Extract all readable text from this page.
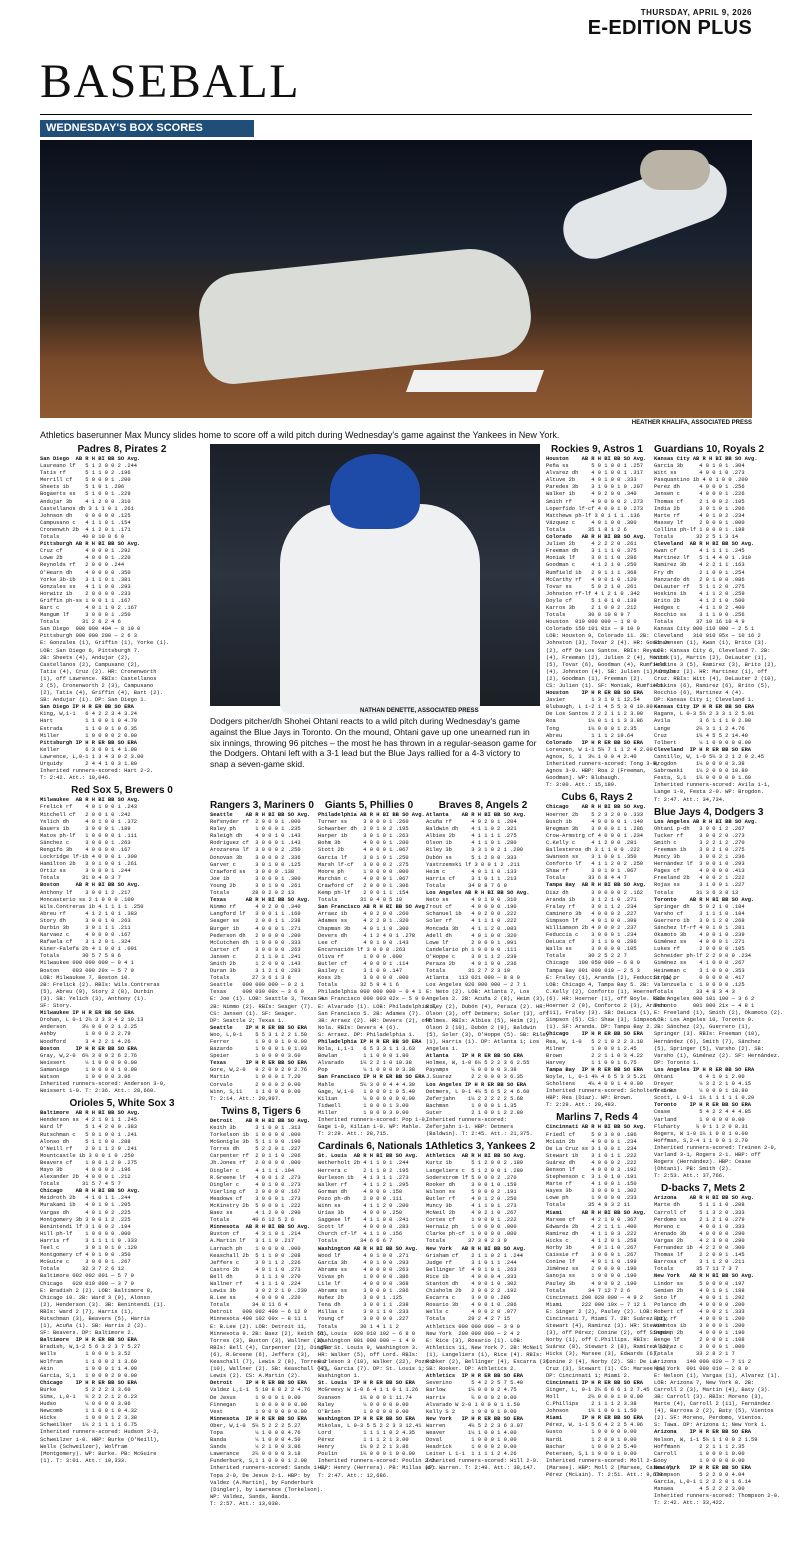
THURSDAY, APRIL 9, 2026
E-EDITION PLUS
BASEBALL
WEDNESDAY'S BOX SCORES
HEATHER KHALIFA, ASSOCIATED PRESS
Athletics baserunner Max Muncy slides home to score off a wild pitch during Wednesday's game against the Yankees in New York.
NATHAN DENETTE, ASSOCIATED PRESS
Dodgers pitcher/dh Shohei Ohtani reacts to a wild pitch during Wednesday's game against the Blue Jays in Toronto. On the mound, Ohtani gave up one unearned run in six innings, throwing 96 pitches – the most he has thrown in a regular-season game for the Dodgers. Ohtani left with a 3-1 lead but the Blue Jays rallied for a 4-3 victory to snap a seven-game skid.
Padres 8, Pirates 2
San Diego  AB R H BI BB SO Avg.
Laureano lf   5 1 2 0 0 2 .244
Tatis rf      5 1 1 0 2 .196
Merrill cf    5 0 0 0 1 .200
Sheets 1b     5 1 0 1 .206
Bogaerts ss   5 1 0 0 1 .229
Andujar 3b    4 1 2 0 0 .310
Castellanos dh 3 1 1 0 1 .261
Johnson dh    0 0 0 0 0 .125
Campusano c   4 1 1 0 1 .154
Cronenwth 2b  4 1 2 0 1 .171
Totals       40 8 10 8 6 9
Pittsburgh AB R H BI BB SO Avg.
Cruz cf       4 0 0 0 1 .292
Lowe 2b       4 0 0 0 1 .220
Reynolds rf   2 0 0 0 .244
O'Hearn dh    4 0 0 0 0 .350
Yorke 3b-1b   3 1 1 0 1 .381
Gonzales ss   4 1 1 0 0 .293
Horwitz 1b    2 0 0 0 0 .233
Griffin ph-ss 1 0 0 1 1 .167
Bart c        4 0 1 1 0 2 .167
Mangum lf     3 0 0 0 1 .250
Totals       31 2 6 2 4 6
San Diego  000 000 404 — 8 10 0
Pittsburgh 000 000 200 — 2 6 3
E: Gonzales (1), Griffin (1), Yorke (1).
LOB: San Diego 6, Pittsburgh 7.
2B: Sheets (4), Andujar (2),
Castellanos (2), Campusano (2),
Tatis (4), Cruz (2). HR: Cronenworth
(1), off Lawrence. RBIs: Castellanos
2 (5), Cronenworth 2 (3), Campusano
(2), Tatis (4), Griffin (4), Bart (2).
SB: Andujar (1). DP: San Diego 1.
San Diego IP H R ER BB SO ERA
King, W,1-1   6 4 2 2 3 4 3.24
Hart          1 1 0 0 1 0 4.70
Estrada       1 1 0 0 1 0 6.35
Miller        1 0 0 0 0 2 0.00
Pittsburgh IP H R ER BB SO ERA
Keller        6 3 0 0 1 4 1.00
Lawrence, L,0-1 1 3 4 3 0 2 3.00
Urquidy       2 4 4 1 0 3 1.80
Inherited runners-scored: Hart 2-2.
T: 2:42. Att.: 10,046.
Red Sox 5, Brewers 0
Milwaukee  AB R H BI BB SO Avg.
Frelick rf    4 0 1 0 0 1 .243
Mitchell cf   2 0 0 1 0 .242
Yelich dh     4 0 1 0 0 1 .372
Bauers 1b     3 0 0 0 1 .189
Matos ph-lf   1 0 0 0 0 1 .111
Sánchez c     3 0 0 0 1 .263
Rengifo 3b    4 0 0 0 0 .167
Lockridge lf-1b 4 0 0 0 1 .300
Hamilton 2b   3 0 1 0 0 1 .261
Ortiz ss      3 0 0 0 1 .244
Totals       31 0 4 0 3 7
Boston     AB R H BI BB SO Avg.
Anthony lf    3 0 0 1 2 .217
Moncasterio ss 2 1 0 0 0 .100
Wils.Contreras 1b 4 1 1 1 1 .250
Abreu rf      4 1 2 1 0 1 .383
Story dh      3 0 0 1 0 .263
Durbin 3b     3 0 1 1 1 .211
Narvaez c     4 0 0 0 0 .167
Rafaela cf    3 1 2 0 1 .324
Kiner-Falefa 2b 4 1 0 0 1 .091
Totals       30 5 7 5 8 6
Milwaukee 000 000 000 — 0 4 1
Boston    003 000 20x — 5 7 0
LOB: Milwaukee 7, Boston 10.
2B: Frelick (2). RBIs: Wils.Contreras
(5), Abreu (9), Story 2 (8), Durbin
(3). SB: Yelich (3), Anthony (1).
SF: Story.
Milwaukee IP H R ER BB SO ERA
Drohan, L 0-1 2⅔ 3 3 3 4 2 10.13
Anderson     3⅓ 0 0 0 2 1 2.25
Ashby         1 0 0 0 2 2.79
Woodford      3 4 2 2 1 4.26
Boston     IP H R ER BB SO ERA
Gray, W,2-0  6⅔ 3 0 0 2 6 2.76
Weissert      ⅓ 1 0 0 0 0 0.00
Samaniego     1 0 0 0 0 1 0.00
Watson        1 0 0 0 0 3.86
Inherited runners-scored: Anderson 3-0,
Weissert 1-0. T: 2:36. Att.: 28,660.
Orioles 5, White Sox 3
Baltimore  AB R H BI BB SO Avg.
Henderson ss  4 2 1 0 1 1 .245
Ward lf       5 1 4 2 0 0 .383
Rutschman c   5 0 1 0 0 1 .241
Alonso dh     5 1 1 0 0 .288
O'Neill rf    2 0 1 1 2 0 .241
Mountcastle 1b 3 0 0 1 0 .250
Beavers cf    1 0 0 1 2 0 .275
Mayo 3b       4 0 0 0 2 .196
Alexander 2b  4 0 0 0 1 .212
Totals       31 5 7 4 5 7
Chicago    AB R H BI BB SO Avg.
Meidroth 2b   4 1 0 1 1 .244
Murakami 1b   4 0 1 0 1 .205
Vargas dh     4 0 1 0 2 .225
Montgomery 3b 3 0 0 1 2 .225
Benintendi lf 3 1 0 0 2 .194
Hill ph-lf    1 0 0 0 0 .000
Harris rf     3 1 1 1 1 0 .333
Teel c        3 0 1 0 1 0 .120
Montgomery cf 4 0 1 0 0 .350
McGuire c     3 0 0 0 1 .267
Totals       32 3 7 2 6 12
Baltimore 002 002 001 — 5 7 0
Chicago   020 010 000 — 3 7 0
E: Bradish 2 (2). LOB: Baltimore 8,
Chicago 10. 2B: Ward 3 (9), Alonso
(2), Henderson (3). 3B: Benintendi (1).
RBIs: Ward 2 (7), Harris (1),
Rutschman (3), Beavers (5), Harris
(1), Acuña (1). SB: Harris 2 (2).
SF: Beavers. DP: Baltimore 2.
Baltimore  IP H R ER BB SO ERA
Bradish, W,1-2 5 6 3 2 3 7 5.27
Wells         1 0 0 0 1 3.52
Wolfram       1 1 0 0 2 1 3.60
Akin          1 0 0 0 1 1 4.90
Garcia, S,1   1 0 0 0 2 0 0.00
Chicago    IP H R ER BB SO ERA
Burke         5 2 2 2 3 3.60
Sims, L,0-1   ⅔ 2 2 2 1 2 6.23
Hudso         ⅓ 0 0 0 0 3.86
Newcomb       1 1 0 0 1 0 4.32
Hicks         1 0 0 0 1 2 3.38
Schweilker   1⅓ 2 1 1 1 1 6.75
Inherited runners-scored: Hudson 3-2,
Schweilzer 1-0. HBP: Burke (O'Neill),
Wells (Schweilzer), Wolfram
(Montgomery). WP: Burke. PB: McGuire
(1). T: 3:01. Att.: 10,333.
Rangers 3, Mariners 0
Seattle    AB R H BI BB SO Avg.
Refsnyder rf  2 0 0 0 1 .000
Raley ph      1 0 0 0 1 .235
Raleigh dh    4 0 0 1 0 .143
Rodriguez cf  3 0 0 0 1 .143
Arozarena lf  3 0 0 0 2 .250
Donovan 3b    3 0 0 0 2 .336
Garver c      3 0 1 0 0 .125
Crawford ss   3 0 0 0 .138
Joe 1b        3 0 0 0 1 .300
Young 2b      3 0 1 0 0 .261
Totals       28 0 2 0 2 13
Texas      AB R H BI BB SO Avg.
Nimmo rf      4 0 2 0 0 .340
Langford lf   3 0 0 1 1 .160
Seager ss     2 0 0 1 1 .238
Burger 1b     4 0 0 0 1 .271
Pederson dh   2 0 0 0 0 .200
McCutchen dh  1 0 0 0 0 .333
Carter cf     3 0 0 0 0 .263
Jansen c      2 1 1 0 1 .241
Smith 2b      1 2 0 0 0 .143
Duran 3b      3 1 2 1 0 .283
Totals       27 3 6 1 3 8
Seattle   000 000 000 — 0 2 1
Texas     000 030 00x — 3 6 0
E: Joe (1). LOB: Seattle 3, Texas 4.
2B: Nimmo (2). RBIs: Seager (7).
CS: Jansen (1). SF: Seager.
DP: Seattle 2; Texas 1.
Seattle    IP H R ER BB SO ERA
Woo, L,0-1    5 5 3 1 2 2 1.50
Ferrer        1 0 0 0 1 0 0.00
Bazardo       1 0 0 0 1 0 1.93
Speier        1 0 0 0 0 3.60
Texas      IP H R ER BB SO ERA
Gore, W,2-0   9 2 0 0 2 9 2.76
Martin        1 0 0 0 1 7.20
Corvalo       2 0 0 0 2 0.00
Winn, S,11    1 1 0 0 0 0.00
T: 2:14. Att.: 20,997.
Twins 8, Tigers 6
Detroit    AB R H BI BB SO Avg.
Keith 3b      3 1 0 0 1 .313
Torkelson 1b  1 0 0 0 0 .000
McGonigle 3b  5 1 1 0 0 .190
Torres dh     5 2 2 0 1 .227
Carpenter rf  2 0 1 1 0 .206
Jh.Jones rf   2 0 0 0 0 .000
Dingler c     4 1 1 1 .194
R.Greene lf   4 0 0 1 2 .273
Dingler c     4 0 1 0 0 .273
Vierling cf   2 0 0 0 0 .167
Meadows cf    3 0 0 0 1 .273
McKinstry 2b  5 0 0 0 1 .222
Baez ss       4 1 2 0 0 .290
Totals       40 6 12 5 2 6
Minnesota  AB R H BI BB SO Avg.
Buxton cf     4 3 1 0 1 .214
A.Martin lf   3 1 1 0 .217
Larnach ph    1 0 0 0 0 .000
Keaschall 2b  5 1 1 0 0 .208
Jeffers c     3 0 1 1 2 .226
Castro 2b     4 0 1 1 0 .273
Bell dh       3 1 1 1 0 .270
Wallner rf    4 1 1 1 0 .224
Lewis 3b      3 0 2 2 1 0 .239
B.Lee ss      4 0 0 0 0 .220
Totals       34 8 11 6 4
Detroit   000 002 400 — 6 12 0
Minnesota 400 102 00x — 8 11 1
E: B.Lee (2). LOB: Detroit 11,
Minnesota 9. 2B: Baez (2), Keith (6),
Torres (3), Buxton (3), Wallner (2).
RBIs: Bell (4), Carpenter (2), Dingler
(6), R.Greene (6), Jeffers (3),
Keaschall (7), Lewis 2 (8), Torres 2
(10), Wallner (2). SB: Keaschall (4),
Lewis (2). CS: A.Martin (2).
Detroit    IP H R ER BB SO ERA
Valdez L,1-1  5 10 8 8 2 2 4.76
De Jesus      1 0 0 0 1 0.00
Finnegan      1 0 0 0 0 0 0.00
Vest          1 0 0 0 0 0 0.00
Minnesota  IP H R ER BB SO ERA
Ober, W,1-0  5⅔ 5 2 2 2 5.27
Topa          ⅓ 1 0 0 0 4.76
Banda         ⅓ 1 0 0 0 4.50
Sands         ⅓ 2 1 0 0 3.86
Lawerance    2⅔ 0 0 0 0 3.18
Funderburk, S,1 1 0 0 0 1 2.08
Inherited runners-scored: Sands 1-1,
Topa 2-0, De Jesus 2-1. HBP: by
Valdez (A.Martin), by Funderburk
(Dingler), by Lawrence (Torkelson).
WP: Valdez, Sands, Banda.
T: 2:57. Att.: 13,038.
Giants 5, Phillies 0
Philadelphia AB R H BI BB SO Avg.
Turner ss     3 0 0 0 1 .260
Schwarber dh  2 0 1 0 2 .195
Harper 1b     3 0 1 0 1 .263
Bohm 3b       4 0 0 0 1 .200
Stott 2b      4 0 0 0 1 .067
Garcia lf     3 0 1 0 1 .250
Marsh lf-cf   3 0 0 0 2 .275
Moore ph      1 0 0 0 0 .000
Marchán c     4 0 0 0 1 .067
Crawford cf   2 0 0 0 1 .306
Kemp ph-lf    2 0 0 1 1 .154
Totals       31 0 4 0 5 10
San Francisco AB R H BI BB SO Avg.
Arraez 1b     4 0 2 0 0 .260
Adames ss     4 2 2 0 1 .320
Chapman 3b    4 0 1 1 0 .300
Devers dh     4 1 2 4 0 1 .278
Lee cf        4 0 1 0 0 .143
Encarnación lf 3 0 0 0 .263
Oliva rf      1 0 0 0 .000
Butler cf     4 0 0 0 1 .114
Bailey c      3 1 0 0 .147
Koss 2b       3 0 0 0 0 .000
Totals       32 5 9 4 1 6
Philadelphia 000 000 000 — 0 4 1
San Francisco 000 003 02x — 5 9 0
E: Alvarado (1). LOB: Philadelphia 9,
San Francisco 5. 2B: Adames (7).
3B: Arraez (2). HR: Devers (2), off
Nola. RBIs: Devers 4 (6).
S: Arraez. DP: Philadelphia 1.
Philadelphia IP H R ER BB SO ERA
Nola, L,1-1   6 5 3 3 1 1 3.63
Bowlan        1 1 0 0 0 1.80
Alvarado     1⅔ 2 2 1 0 10.38
Pop           ⅓ 1 0 0 0 0 3.38
San Francisco IP H R ER BB SO ERA
Mahle        5⅔ 3 0 0 4 4 4.30
Gage, W,1-0   1 0 0 0 1 0 5.40
Kilian        ⅓ 0 0 0 0 0 0.00
Tidwell       1 0 0 0 1 3.00
Miller        1 0 0 0 3 0.00
Inherited runners-scored: Pop 1-0,
Gage 1-0, Kilian 1-0. WP: Mahle.
T: 2:29. Att.: 28,715.
Cardinals 6, Nationals 1
St. Louis  AB R H BI BB SO Avg.
Wetherholt 2b 4 1 1 0 1 .244
Herrera c     2 1 1 0 2 .195
Burleson 1b   4 1 3 1 1 .273
Walker rf     4 1 1 2 1 .295
Gorman dh     4 0 0 0 .150
Pozo ph-dh    2 0 0 0 .111
Winn ss       4 1 1 2 0 .200
Urías 3b      4 0 0 0 .250
Saggese lf    4 1 1 0 0 .241
Scott lf      4 0 0 0 0 .283
Church cf-lf  4 1 1 0 .156
Totals       34 6 6 6 7
Washington AB R H BI BB SO Avg.
Wood lf       4 0 1 0 0 .271
García 3b     4 0 1 0 0 .293
Abrams ss     4 0 0 0 0 .263
Vivas ph      1 0 0 0 0 .386
Lile lf       4 0 0 0 0 .368
Abrams ss     3 0 0 0 1 .286
Nuñez 2b      3 0 0 1 .125
Tena dh       3 0 0 1 1 .238
Millas c      3 0 1 1 0 .233
Young cf      3 0 0 0 0 .227
Totals       30 1 4 1 1 2
St. Louis  020 010 102 — 6 8 0
Washington 001 000 000 — 1 4 0
LOB: St. Louis 9, Washington 3.
HR: Walker (5), off Lord. RBIs:
Burleson 3 (10), Walker (22), Pozo 2
(2), Garcia (7). DP: St. Louis 1;
Washington 1.
St. Louis  IP H R ER BB SO ERA
McGreevy W 1-0 6 4 1 1 0 1 1.26
Svanson      1⅔ 0 0 0 1 11.74
Raley         ⅓ 0 0 0 0 0.00
O'Brien       1 0 0 0 0 0.00
Washington IP H R ER BB SO ERA
Mikolas, L 0-3 5 5 2 2 3 3 12.41
Lord          1 1 1 1 0 2 4.35
Pérez         1 1 1 2 1 3.00
Henry        1⅓ 0 2 2 1 3.86
Poulin       1⅔ 0 0 0 1 0 0.00
Inherited runners-scored: Poulin 2-2.
HBP: Henry (Herrera). PB: Millas (1).
T: 2:47. Att.: 12,686.
Braves 8, Angels 2
Atlanta    AB R H BI BB SO Avg.
Acuña rf      4 0 2 0 1 .204
Baldwin dh    4 1 1 0 2 .321
Albies 2b     4 1 1 1 1 .275
Olson 1b      4 1 1 0 1 .280
Riley 3b      3 3 1 0 2 1 .200
Dubón ss      5 1 2 0 0 .333
Yastrzemski lf 3 0 0 1 2 .211
Heim c        4 0 1 1 0 .133
Harris cf     3 1 0 1 1 .213
Totals       34 8 8 7 6 9
Los Angeles AB R H BI BB SO Avg.
Neto ss       4 0 1 0 0 .310
Trout cf      4 0 0 0 0 .190
Schanuel 1b   4 0 2 0 0 .222
Soler rf      4 1 1 1 0 .222
Moncada 3b    4 1 1 2 0 .083
Adell dh      4 0 1 0 0 .320
Lowe lf       2 0 0 0 1 .091
Candelario ph 1 0 0 0 0 .111
O'Hoppe c     3 0 1 1 2 .239
Peraza 2b     4 0 1 0 0 .236
Totals       31 2 7 2 3 10
Atlanta   113 021 000 — 8 8 0
Los Angeles 020 000 000 — 2 7 1
E: Neto (2). LOB: Atlanta 7, Los
Angeles 2. 2B: Acuña 2 (8), Heim (3),
Riley (2), Dubón (4), Peraza (2). HR:
Olson (3), off Detmers; Soler (3), off
Holmes. RBIs: Albies (5), Heim (2),
Olson 2 (10), Dubón 2 (9), Baldwin
(5), Soler (3), O'Hoppe (5). SB: Riley
(1), Harris (1). DP: Atlanta 1; Los
Angeles 1.
Atlanta    IP H R ER BB SO ERA
Holmes, W, 1-0 6⅓ 5 2 2 3 6 2.55
Payamps       ⅓ 0 0 0 0 3.38
J.Suarez      2 2 0 0 0 3 6.35
Los Angeles IP H R ER BB SO ERA
Detmers, L 0-1 4⅔ 5 6 5 2 4 6.60
Zeferjahn    1⅓ 2 2 2 2 2 5.68
Bachman       1 0 0 0 1 1.35
Suter         2 1 0 0 1 2 2.89
Inherited runners-scored:
Zeferjahn 1-1. HBP: Detmers
(Baldwin). T: 2:45. Att.: 21,375.
Athletics 3, Yankees 2
Athletics  AB R H BI BB SO Avg.
Kurtz 1b      5 1 2 0 0 2 .189
Langeliers c  5 1 2 0 0 1 .289
Soderstrom lf 5 0 0 0 2 .270
Rooker dh     3 0 0 1 0 .159
Wilson ss     5 0 0 0 2 .191
Butler rf     4 0 1 2 0 .250
Muncy 3b      4 1 1 0 1 .273
McNeil 2b     4 0 2 1 0 .267
Cortes cf     1 0 0 0 1 .222
Hernaiz ph    1 0 0 0 0 .000
Clarke ph-cf  1 0 0 0 0 .000
Totals       37 3 9 2 3 9
New York   AB R H BI BB SO Avg.
Grisham cf    2 1 1 0 2 1 .244
Judge rf      3 1 0 1 1 .244
Bellinger lf  4 0 1 0 1 .263
Rice 1b       4 0 0 0 4 .333
Stanton dh    4 0 0 1 0 .302
Chisholm 2b   2 0 0 2 2 .192
Escarra c     3 0 0 0 .286
Rosario 3b    4 0 0 1 0 .286
Wells c       4 0 0 2 0 .077
Totals       29 2 4 2 7 15
Athletics 000 000 000 — 3 9 0
New York  200 000 000 — 2 4 2
E: Rice (3), Rosario (1). LOB:
Athletics 11, New York 7. 2B: McNeil
(1), Langeliers (1), Rice (4). RBIs:
Rooker (2), Bellinger (4), Escarra (3).
SB: Rooker. DP: Athletics 2.
Athletics  IP H R ER BB SO ERA
Severino      5 4 2 2 5 7 5.40
Barlow       1⅓ 0 0 0 2 4.75
Harris        ⅔ 0 0 0 2 0.00
Alvarado W 2-0 1 0 0 0 1 1.50
Kelly S 2     1 0 0 0 1 0.00
New York   IP H R ER BB SO ERA
Warren       4⅔ 5 2 2 3 6 3.07
Weaver       1⅓ 1 0 0 1 4.00
Doval         1 0 0 0 1 0.00
Headrick      1 0 0 0 2 0.00
Leiter L 1-1  1 1 1 1 2 4.26
Inherited runners-scored: Hill 2-0.
WP: Warren. T: 2:49. Att.: 38,147.
Rockies 9, Astros 1
Houston    AB R H BI BB SO Avg.
Peña ss       5 0 1 0 0 1 .257
Alvarez dh    4 0 1 0 0 1 .317
Altuve 2b     4 0 1 0 0 .333
Paredes 3b    3 1 0 0 1 0 .207
Walker 1b     4 0 2 0 0 .340
Smith rf      4 0 0 0 0 2 .273
Loperfido lf-cf 4 0 0 1 0 .273
Matthews ph-lf 3 0 1 1 1 .136
Vázquez c     4 0 1 0 0 .300
Totals       35 1 8 1 2 6
Colorado   AB R H BI BB SO Avg.
Julien 2b     4 2 2 2 0 .261
Freeman dh    3 1 1 1 0 .375
Moniak lf     3 0 1 1 0 .286
Goodman c     4 1 2 1 0 .250
Rumfield 1b   2 0 1 1 1 .368
McCarthy rf   4 0 0 1 0 .120
Tovar ss      5 0 2 1 0 .261
Johnston rf-lf 4 1 2 1 0 .342
Doyle cf      5 1 0 1 0 .139
Karros 3b     2 1 0 0 2 .212
Totals       30 9 10 8 9 7
Houston  010 000 000 — 1 8 0
Colorado 150 101 01x — 9 10 0
LOB: Houston 9, Colorado 11. 2B:
Johnston (3), Tovar 2 (4). HR: Goodman
(2), off De Los Santos. RBIs: Reyes
(4), Freeman (2), Julien 2 (4), Moniak
(5), Tovar (6), Goodman (4), Rumfield
(4), Johnston (4). SB: Julien (1), Doyle
(2), Goodman (1), Freeman (2).
CS: Julien (1). SF: Moniak, Rumfield.
Houston    IP H R ER BB SO ERA
Javier        1 3 1 0 1 12.54
Blubaugh, L 1-2 1 4 5 5 3 0 10.80
De Los Santos 2 2 2 1 1 2 3.00
Roa          1⅓ 0 1 1 1 3 3.86
Tong         1⅔ 0 0 0 1 2.35
Abreu         1 1 1 2 19.64
Colorado   IP H R ER BB SO ERA
Lorenzen, W 1-1 5⅔ 7 1 1 2 4 2.00
Agnos, S, 1  3⅓ 1 0 0 4 2.40
Inherited runners-scored: Tong 3-0,
Agnos 3-0. HBP: Roa 2 (Freeman,
Goodman). WP: Blubaugh.
T: 3:00. Att.: 15,189.
Cubs 6, Rays 2
Chicago    AB R H BI BB SO Avg.
Hoerner 2b    5 2 3 2 0 0 .333
Busch 1b      4 0 0 0 0 1 .140
Bregman 3b    3 0 0 0 1 1 .286
Crow-Armstrg cf 4 0 0 0 1 .234
C.Kelly c     4 1 2 0 0 .281
Ballesteros dh 3 1 1 0 0 .222
Swanson ss    3 1 0 0 1 .350
Conforto lf   4 1 1 2 0 2 .250
Shaw rf       3 0 1 0 1 .067
Totals       33 6 8 4 4 7
Tampa Bay  AB R H BI BB SO Avg.
Diaz dh       3 0 0 0 0 2 .162
Aranda 1b     3 1 2 1 0 .271
Fraley rf     3 0 1 1 2 .234
Caminero 3b   4 0 0 0 2 .227
Simpson lf    4 0 1 0 0 .399
Williamson 2b 4 0 0 0 2 .237
Feduccia c    3 0 0 0 1 .234
DeLuca cf     3 1 1 0 0 .286
Walls ss      3 0 0 0 0 .105
Totals       30 2 5 2 2 7
Chicago   100 050 000 — 6 8 0
Tampa Bay 001 000 010 — 2 5 3
E: Fraley (1), Aranda (2), Feduccia (1).
LOB: Chicago 4, Tampa Bay 5. 2B:
C.Kelly (2), Conforto (1), Hoerner
(6). HR: Hoerner (1), off Boyle. RBIs:
Hoerner 2 (9), Conforto 2 (3), Aranda
(11), Fraley (3). SB: DeLuca (1),
Simpson (5). CS: Shaw (3), Simpson
(1). SF: Aranda. DP: Tampa Bay 2.
Chicago    IP H R ER BB SO ERA
Rea, W, 1-0   5 2 1 0 2 2 3.18
Milner        1 0 0 0 1 2.45
Brown         2 2 1 1 0 3 4.22
Harvey        1 1 0 0 1 6.75
Tampa Bay  IP H R ER BB SO ERA
Boyle, L, 0-1 4⅔ 4 6 5 3 3 5.21
Scholtens    4⅓ 4 0 0 1 4 0.00
Inherited runners-scored: Scholtens 1-0.
HBP: Rea (Diaz). WP: Brown.
T: 2:29. Att.: 20,483.
Marlins 7, Reds 4
Cincinnati AB R H BI BB SO Avg.
Friedl cf     5 0 3 0 0 .186
McLain 2b     4 0 0 0 1 .234
De La Cruz ss 3 1 0 0 1 .234
Stewart 1b    3 1 0 1 1 .222
Suárez dh     4 0 0 0 2 .222
Benson lf     4 0 0 0 3 .192
Stephenson c  3 1 0 1 0 .191
Marte rf      4 1 0 0 1 .150
Hayes 3b      3 0 0 0 1 .302
Lowe ph       1 0 0 0 0 .233
Totals       35 4 9 3 2 11
Miami      AB R H BI BB SO Avg.
Marsee cf     4 2 1 0 0 .367
Edwards 2b    4 2 1 1 1 .400
Ramírez dh    4 1 1 0 3 .222
Hicks c       4 1 2 0 1 .258
Norby 3b      4 0 1 1 0 .267
Caissie rf    3 0 0 0 1 .267
Conine lf     4 0 1 1 0 .199
Jiménez ss    2 0 0 0 0 .190
Sanoja ss     1 0 0 0 0 .190
Pauley 3b     4 0 0 0 2 .190
Totals       34 7 12 7 2 6
Cincinnati 200 020 000 — 4 9 2
Miami      222 000 10x — 7 12 1
E: Singer 2 (2), Pauley (2). LOB:
Cincinnati 7, Miami 7. 2B: Suárez (1),
Stewart (4), Ramírez (3). HR: Stewart
(3), off Pérez; Conine (2), off Singer;
Norby (1), off C.Phillips. RBIs:
Suárez (8), Stewart 2 (8), Ramírez (2),
Hicks (3), Marsee (3), Edwards (6),
Conine 2 (4), Norby (2). SB: De La
Cruz (3), Stewart (1). CS: Marsee (1).
DP: Cincinnati 1; Miami 2.
Cincinnati IP H R ER BB SO ERA
Singer, L, 0-1 2⅔ 6 6 6 1 2 7.45
Moll         2⅔ 0 0 0 1 0 0.00
C.Phillips    2 1 1 1 2 3.38
Johnson      1⅔ 1 0 0 1 1.50
Miami      IP H R ER BB SO ERA
Pérez, W, 1-1 5 6 4 2 2 5 4.06
Gusto         1 0 0 0 0 0.00
Nardi         1 2 0 0 1 0.00
Bachar        1 0 0 0 2 5.40
Petersen, S,1 1 0 0 0 1 0.00
Inherited runners-scored: Moll 2-1
(Marsee). HBP: Moll 2 (Marsee, Caissie),
Pérez (McLain). T: 2:51. Att.: 9,639.
Guardians 10, Royals 2
Kansas City AB R H BI BB SO Avg.
Garcia 3b     4 0 1 0 1 .304
Witt ss       4 0 0 1 0 .273
Pasquantino 1b 4 0 1 0 0 .200
Perez dh      4 0 0 0 1 .256
Jensen c      4 0 0 0 1 .226
Thomas cf     2 1 0 0 2 .105
India 2b      3 0 1 0 1 .206
Marte rf      4 0 1 0 2 .234
Massey lf     2 0 0 0 1 .000
Collins ph-lf 1 0 0 0 1 .188
Totals       32 2 5 1 3 14
Cleveland  AB R H BI BB SO Avg.
Kwan cf       4 1 1 1 1 .245
Martinez lf   5 1 4 4 0 1 .310
Ramirez 3b    4 2 2 1 1 .163
Fry dh        2 1 0 0 1 .254
Manzardo dh   2 0 1 0 0 .086
DeLauter rf   5 1 1 2 0 .275
Hoskins 1b    4 1 1 2 0 .259
Brito 2b      4 1 2 1 0 .500
Hedges c      4 1 1 0 2 .400
Rocchio ss    3 1 1 0 0 .256
Totals       37 10 16 10 4 9
Kansas City 000 110 000 — 2 5 1
Cleveland   310 010 05x — 10 16 2
E: Jensen (1), Kwan (1), Brito (3).
LOB: Kansas City 6, Cleveland 7. 2B:
Witt (1), Martin (2), DeLauter (1),
Hoskins 3 (5), Ramirez (3), Brito (2),
Martinez (2). HR: Martinez (1), off
Cruz. RBIs: Witt (4), DeLauter 2 (10),
Hoskins (6), Ramirez (6), Brito (5),
Rocchio (6), Martinez 4 (4).
DP: Kansas City 1; Cleveland 1.
Kansas City IP H R ER BB SO ERA
Ragans, L 0-3 5⅓ 2 3 3 1 2 5.91
Avila         3 6 1 1 1 0 2.00
Lange        2⅔ 3 1 1 2 4.76
Cruz         1⅔ 4 5 5 2 14.40
Tolbert       ⅓ 1 0 0 0 0 0.00
Cleveland  IP H R ER BB SO ERA
Cantillo, W, 1-0 5⅔ 3 2 1 2 9 2.45
Brogdon      1⅓ 0 0 0 0 3.38
Sabrowski    1⅓ 2 0 0 0 10.80
Festa, S,1   1⅔ 0 0 0 0 0 1.60
Inherited runners-scored: Avila 1-1,
Lange 1-0, Festa 2-0. WP: Brogdon.
T: 2:47. Att.: 34,734.
Blue Jays 4, Dodgers 3
Los Angeles AB R H BI BB SO Avg.
Ohtani p-dh   3 0 0 1 2 .267
Tucker rf     3 0 0 2 0 .273
Smith c       3 2 2 1 2 .270
Freeman 1b    3 0 2 1 0 .275
Muncy 3b      3 0 0 2 1 .236
Hernández lf  3 0 0 1 0 .293
Pages cf      4 0 0 0 0 .413
Freeland 2b   4 0 0 2 1 .222
Rojas ss      3 1 0 0 1 .227
Totals       31 3 6 3 8 13
Toronto    AB R H BI BB SO Avg.
Springer dh   5 0 2 1 0 .184
Varsho cf     3 1 1 1 0 .184
Guerrero 1b   3 0 1 2 0 .268
Sánchez lf-rf 4 0 1 0 1 .281
Okamoto 3b    4 0 0 1 0 .239
Giménez ss    4 0 0 0 1 .271
Lukes rf      2 0 0 0 0 .105
Schneider ph-lf 2 2 0 0 0 .234
Giménez ss    4 1 0 0 0 .267
Heineman c    3 1 0 0 0 .353
Straw pr      0 0 0 0 0 .417
Valenzuela c  1 0 0 0 0 .125
Totals       33 4 8 3 4 3
Los Angeles 000 101 100 — 3 6 2
Toronto     001 000 21x — 4 8 1
E: Freeland (1), Smith (2), Okamoto (2).
LOB: Los Angeles 10, Toronto 9.
2B: Sánchez (2), Guerrero (1),
Springer (3). RBIs: Freeman (10),
Hernández (6), Smith (7), Sánchez
(5), Springer (5), Varsho (2). SB:
Varsho (1), Giménez (2). SF: Hernández.
DP: Toronto 1.
Los Angeles IP H R ER BB SO ERA
Ohtani        6 4 1 0 1 2.00
Dreyer        ⅓ 3 2 2 1 0 4.15
Treinen       ⅓ 0 0 0 1 10.80
Scott, L 0-1  1⅓ 1 1 1 1 1 0.20
Toronto    IP H R ER BB SO ERA
Cease         5 4 2 2 4 4 4.85
Varland       1 0 0 0 0 0.00
Fluharty     ⅔ 0 1 1 2 0 8.31
Rogers, W 1-0 1⅔ 1 0 0 1 0.00
Hoffman, S,2-4 1 1 0 0 1 2.70
Inherited runners-scored: Treinen 2-0,
Varland 3-1, Rogers 2-1. HBP: off
Rogers (Hernández). HBP: Cease
(Ohtani). PB: Smith (2).
T: 2:53. Att.: 37,766.
D-backs 7, Mets 2
Arizona    AB R H BI BB SO Avg.
Marte dh      5 1 1 1 0 .208
Carroll cf    5 1 3 2 0 .333
Perdomo ss    2 1 2 1 0 .279
Moreno c      4 0 0 1 0 .333
Arenado 3b    4 0 0 0 0 .290
Vargas 2b     4 2 3 0 0 .290
Fernandez 1b  4 2 2 0 0 .300
Thomas lf     2 2 0 0 1 .145
Barrosa cf    3 1 1 2 0 .211
Totals       35 7 11 7 3 7
New York   AB R H BI BB SO Avg.
Lindor ss     5 0 0 0 0 .197
Semien 2b     4 0 1 0 1 .188
Soto lf       4 0 0 1 1 .292
Polanco dh    4 0 0 0 0 .200
Robert cf     4 0 0 2 1 .333
Baty rf       4 0 0 0 1 .200
Vientos 1b    3 0 0 0 1 .200
Semien 2b     4 0 0 0 1 .190
Benge lf      2 0 0 0 1 .108
Alvarez c     3 0 0 0 1 .000
Totals       33 2 8 2 1 7
Arizona   140 000 020 — 7 11 2
New York  001 000 010 — 2 8 0
E: Nelson (1), Vargas (1), Alvarez (1).
LOB: Arizona 7, New York 8. 2B:
Carroll 2 (3), Martin (4), Baty (3).
3B: Carroll (3). RBIs: Moreno (3),
Marte (4), Carroll 2 (11), Fernández
(4), Barrosa 2 (2), Baty (5), Vientos
(2). SF: Moreno, Perdomo, Vientos.
S: Tawa. DP: Arizona 1; New York 1.
Arizona    IP H R ER BB SO ERA
Nelson, W, 1-1 5⅔ 1 1 0 0 2 1.59
Hoffmann      2 2 1 1 1 2.35
Carroll       1 0 0 0 1 0.00
Sooy          1 0 0 0 0 0.00
New York   IP H R ER BB SO ERA
Thompson      5 2 2 0 0 4.04
Garcia, L,0-1 1 2 2 2 0 1 6.14
Manaea        4 5 2 2 2 3.00
Inherited runners-scored: Thompson 2-0.
T: 2:42. Att.: 33,422.
